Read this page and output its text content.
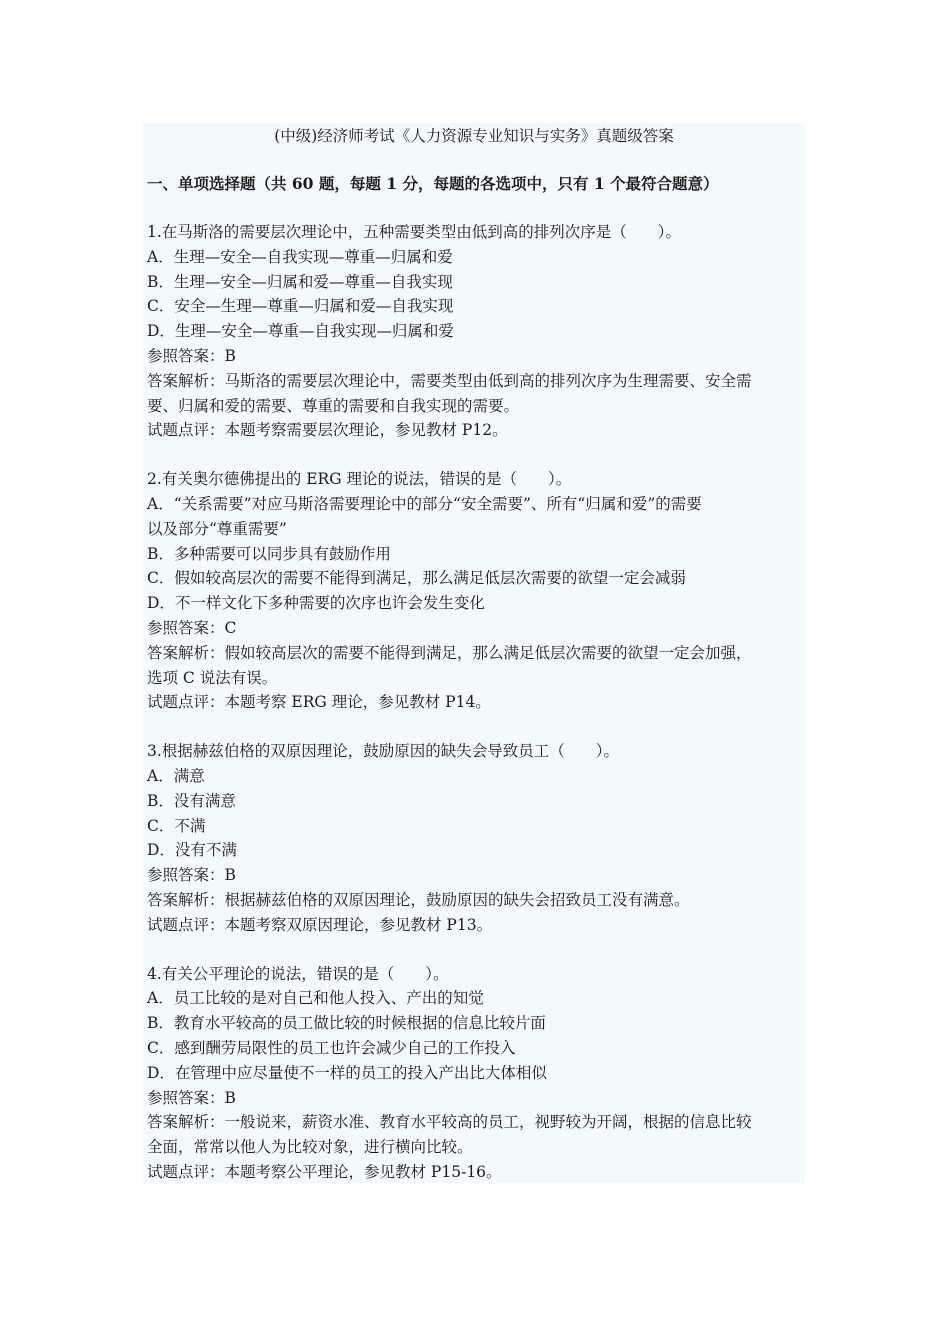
(中级)经济师考试《人力资源专业知识与实务》真题级答案
一、单项选择题（共 60 题，每题 1 分，每题的各选项中，只有 1 个最符合题意）

1.在马斯洛的需要层次理论中，五种需要类型由低到高的排列次序是（　　）。

A．生理—安全—自我实现—尊重—归属和爱

B．生理—安全—归属和爱—尊重—自我实现

C．安全—生理—尊重—归属和爱—自我实现

D．生理—安全—尊重—自我实现—归属和爱

参照答案：B

答案解析：马斯洛的需要层次理论中，需要类型由低到高的排列次序为生理需要、安全需

要、归属和爱的需要、尊重的需要和自我实现的需要。

试题点评：本题考察需要层次理论，参见教材 P12。

2.有关奥尔德佛提出的 ERG 理论的说法，错误的是（　　）。

A．“关系需要”对应马斯洛需要理论中的部分“安全需要”、所有“归属和爱”的需要

以及部分“尊重需要”

B．多种需要可以同步具有鼓励作用

C．假如较高层次的需要不能得到满足，那么满足低层次需要的欲望一定会减弱

D．不一样文化下多种需要的次序也许会发生变化

参照答案：C

答案解析：假如较高层次的需要不能得到满足，那么满足低层次需要的欲望一定会加强，

选项 C 说法有误。

试题点评：本题考察 ERG 理论，参见教材 P14。

3.根据赫兹伯格的双原因理论，鼓励原因的缺失会导致员工（　　）。

A．满意

B．没有满意

C．不满

D．没有不满

参照答案：B

答案解析：根据赫兹伯格的双原因理论，鼓励原因的缺失会招致员工没有满意。

试题点评：本题考察双原因理论，参见教材 P13。

4.有关公平理论的说法，错误的是（　　）。

A．员工比较的是对自己和他人投入、产出的知觉

B．教育水平较高的员工做比较的时候根据的信息比较片面

C．感到酬劳局限性的员工也许会减少自己的工作投入

D．在管理中应尽量使不一样的员工的投入产出比大体相似

参照答案：B

答案解析：一般说来，薪资水准、教育水平较高的员工，视野较为开阔，根据的信息比较

全面，常常以他人为比较对象，进行横向比较。

试题点评：本题考察公平理论，参见教材 P15-16。
